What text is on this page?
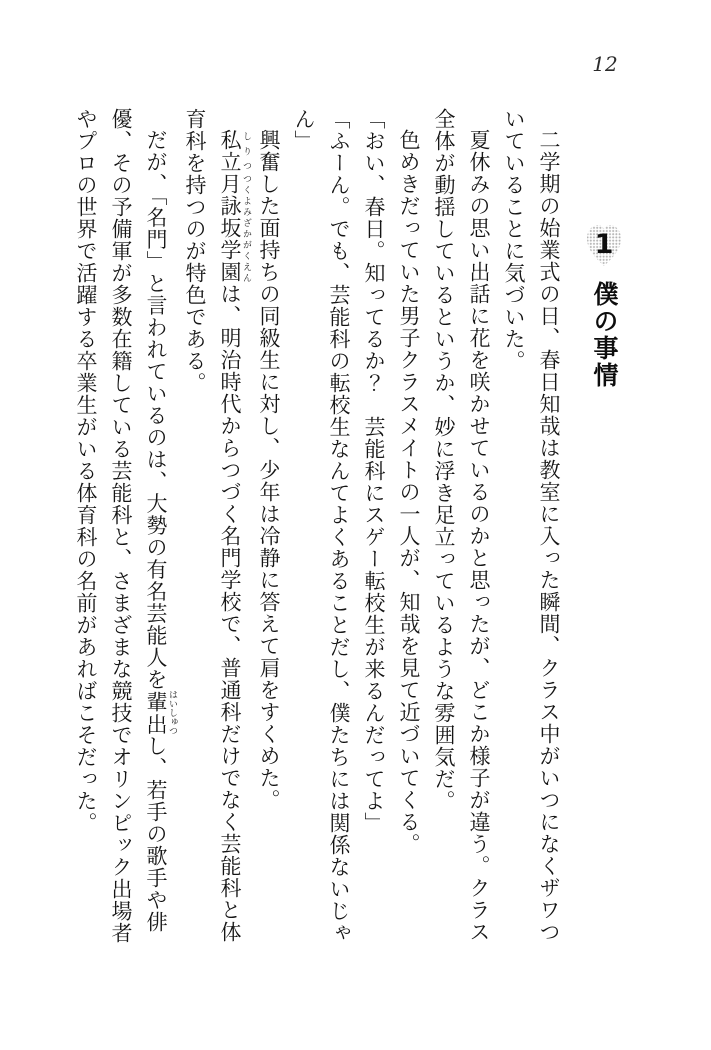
12
1
僕の事情

二学期の始業式の日、春日知哉は教室に入った瞬間、クラス中がいつになくザワついていることに気づいた。

夏休みの思い出話に花を咲かせているのかと思ったが、どこか様子が違う。クラス全体が動揺しているというか、妙に浮き足立っているような雰囲気だ。

色めきだっていた男子クラスメイトの一人が、知哉を見て近づいてくる。

「おい、春日。知ってるか？　芸能科にスゲー転校生が来るんだってよ」

「ふーん。でも、芸能科の転校生なんてよくあることだし、僕たちには関係ないじゃん」

興奮した面持ちの同級生に対し、少年は冷静に答えて肩をすくめた。

私立 しりつ月詠坂 つくよみざか学園 がくえんは、明治時代からつづく名門学校で、普通科だけでなく芸能科と体育科を持つのが特色である。

だが、「名門」と言われているのは、大勢の有名芸能人を輩出 はいしゅつし、若手の歌手や俳優、その予備軍が多数在籍している芸能科と、さまざまな競技でオリンピック出場者やプロの世界で活躍する卒業生がいる体育科の名前があればこそだった。
